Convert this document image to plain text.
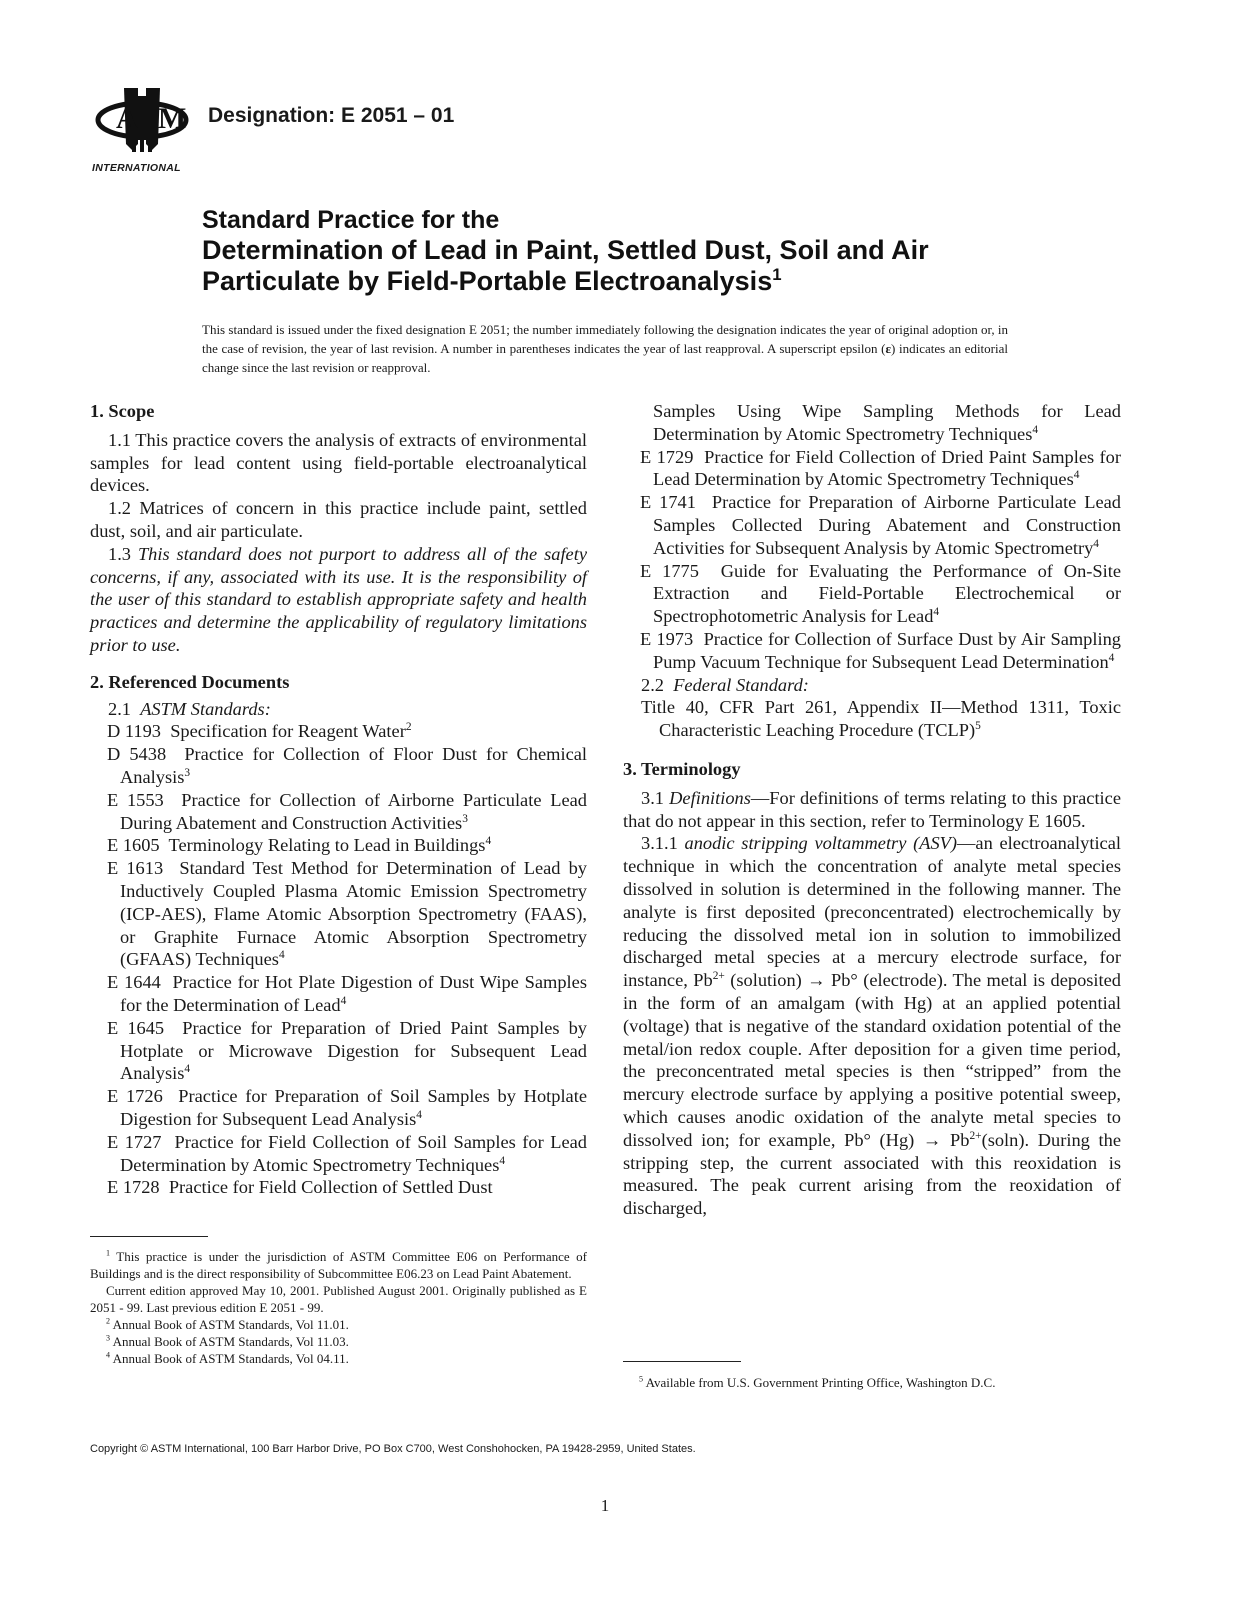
A M
INTERNATIONAL
Designation: E 2051 – 01
Standard Practice for the
Determination of Lead in Paint, Settled Dust, Soil and Air
Particulate by Field-Portable Electroanalysis$^1$
This standard is issued under the fixed designation E 2051; the number immediately following the designation indicates the year of original adoption or, in the case of revision, the year of last revision. A number in parentheses indicates the year of last reapproval. A superscript epsilon (ε) indicates an editorial change since the last revision or reapproval.

1. Scope

1.1 This practice covers the analysis of extracts of environmental samples for lead content using field-portable electroanalytical devices.

1.2 Matrices of concern in this practice include paint, settled dust, soil, and air particulate.

1.3 This standard does not purport to address all of the safety concerns, if any, associated with its use. It is the responsibility of the user of this standard to establish appropriate safety and health practices and determine the applicability of regulatory limitations prior to use.

2. Referenced Documents

2.1 ASTM Standards:

D 1193 Specification for Reagent Water$^2$

D 5438 Practice for Collection of Floor Dust for Chemical Analysis$^3$

E 1553 Practice for Collection of Airborne Particulate Lead During Abatement and Construction Activities$^3$

E 1605 Terminology Relating to Lead in Buildings$^4$

E 1613 Standard Test Method for Determination of Lead by Inductively Coupled Plasma Atomic Emission Spectrometry (ICP-AES), Flame Atomic Absorption Spectrometry (FAAS), or Graphite Furnace Atomic Absorption Spectrometry (GFAAS) Techniques$^4$

E 1644 Practice for Hot Plate Digestion of Dust Wipe Samples for the Determination of Lead$^4$

E 1645 Practice for Preparation of Dried Paint Samples by Hotplate or Microwave Digestion for Subsequent Lead Analysis$^4$

E 1726 Practice for Preparation of Soil Samples by Hotplate Digestion for Subsequent Lead Analysis$^4$

E 1727 Practice for Field Collection of Soil Samples for Lead Determination by Atomic Spectrometry Techniques$^4$

E 1728 Practice for Field Collection of Settled Dust

Samples Using Wipe Sampling Methods for Lead Determination by Atomic Spectrometry Techniques$^4$

E 1729 Practice for Field Collection of Dried Paint Samples for Lead Determination by Atomic Spectrometry Techniques$^4$

E 1741 Practice for Preparation of Airborne Particulate Lead Samples Collected During Abatement and Construction Activities for Subsequent Analysis by Atomic Spectrometry$^4$

E 1775 Guide for Evaluating the Performance of On-Site Extraction and Field-Portable Electrochemical or Spectrophotometric Analysis for Lead$^4$

E 1973 Practice for Collection of Surface Dust by Air Sampling Pump Vacuum Technique for Subsequent Lead Determination$^4$

2.2 Federal Standard:

Title 40, CFR Part 261, Appendix II—Method 1311, Toxic Characteristic Leaching Procedure (TCLP)$^5$

3. Terminology

3.1 Definitions—For definitions of terms relating to this practice that do not appear in this section, refer to Terminology E 1605.

3.1.1 anodic stripping voltammetry (ASV)—an electroanalytical technique in which the concentration of analyte metal species dissolved in solution is determined in the following manner. The analyte is first deposited (preconcentrated) electrochemically by reducing the dissolved metal ion in solution to immobilized discharged metal species at a mercury electrode surface, for instance, $Pb^{2+}$ (solution) → Pb° (electrode). The metal is deposited in the form of an amalgam (with Hg) at an applied potential (voltage) that is negative of the standard oxidation potential of the metal/ion redox couple. After deposition for a given time period, the preconcentrated metal species is then “stripped” from the mercury electrode surface by applying a positive potential sweep, which causes anodic oxidation of the analyte metal species to dissolved ion; for example, Pb° $(Hg) \to Pb^{2+}(soln)$. During the stripping step, the current associated with this reoxidation is measured. The peak current arising from the reoxidation of discharged,

$^1$ This practice is under the jurisdiction of ASTM Committee E06 on Performance of Buildings and is the direct responsibility of Subcommittee E06.23 on Lead Paint Abatement.

Current edition approved May 10, 2001. Published August 2001. Originally published as E 2051 - 99. Last previous edition E 2051 - 99.

$^2$ Annual Book of ASTM Standards, Vol 11.01.

$^3$ Annual Book of ASTM Standards, Vol 11.03.

$^4$ Annual Book of ASTM Standards, Vol 04.11.

$^5$ Available from U.S. Government Printing Office, Washington D.C.

Copyright © ASTM International, 100 Barr Harbor Drive, PO Box C700, West Conshohocken, PA 19428-2959, United States.
1
